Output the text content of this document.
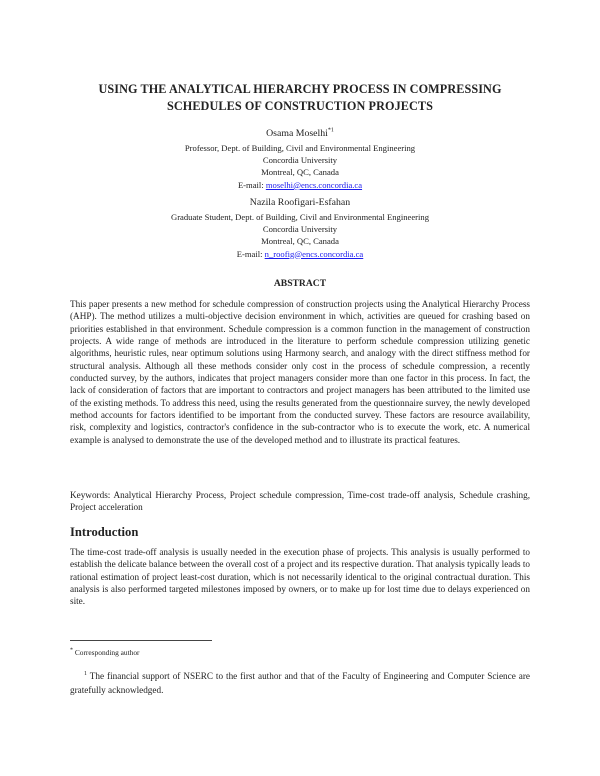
USING THE ANALYTICAL HIERARCHY PROCESS IN COMPRESSING
SCHEDULES OF CONSTRUCTION PROJECTS
Osama Moselhi$^{*1}$
Professor, Dept. of Building, Civil and Environmental Engineering
Concordia University
Montreal, QC, Canada
E-mail: moselhi@encs.concordia.ca
Nazila Roofigari-Esfahan
Graduate Student, Dept. of Building, Civil and Environmental Engineering
Concordia University
Montreal, QC, Canada
E-mail: n_roofig@encs.concordia.ca
ABSTRACT

This paper presents a new method for schedule compression of construction projects using the Analytical Hierarchy Process (AHP). The method utilizes a multi-objective decision environment in which, activities are queued for crashing based on priorities established in that environment. Schedule compression is a common function in the management of construction projects. A wide range of methods are introduced in the literature to perform schedule compression utilizing genetic algorithms, heuristic rules, near optimum solutions using Harmony search, and analogy with the direct stiffness method for structural analysis. Although all these methods consider only cost in the process of schedule compression, a recently conducted survey, by the authors, indicates that project managers consider more than one factor in this process. In fact, the lack of consideration of factors that are important to contractors and project managers has been attributed to the limited use of the existing methods. To address this need, using the results generated from the questionnaire survey, the newly developed method accounts for factors identified to be important from the conducted survey. These factors are resource availability, risk, complexity and logistics, contractor's confidence in the sub-contractor who is to execute the work, etc. A numerical example is analysed to demonstrate the use of the developed method and to illustrate its practical features.

Keywords: Analytical Hierarchy Process, Project schedule compression, Time-cost trade-off analysis, Schedule crashing, Project acceleration

Introduction

The time-cost trade-off analysis is usually needed in the execution phase of projects. This analysis is usually performed to establish the delicate balance between the overall cost of a project and its respective duration. That analysis typically leads to rational estimation of project least-cost duration, which is not necessarily identical to the original contractual duration. This analysis is also performed targeted milestones imposed by owners, or to make up for lost time due to delays experienced on site.

* Corresponding author
$^1$ The financial support of NSERC to the first author and that of the Faculty of Engineering and Computer Science are gratefully acknowledged.
